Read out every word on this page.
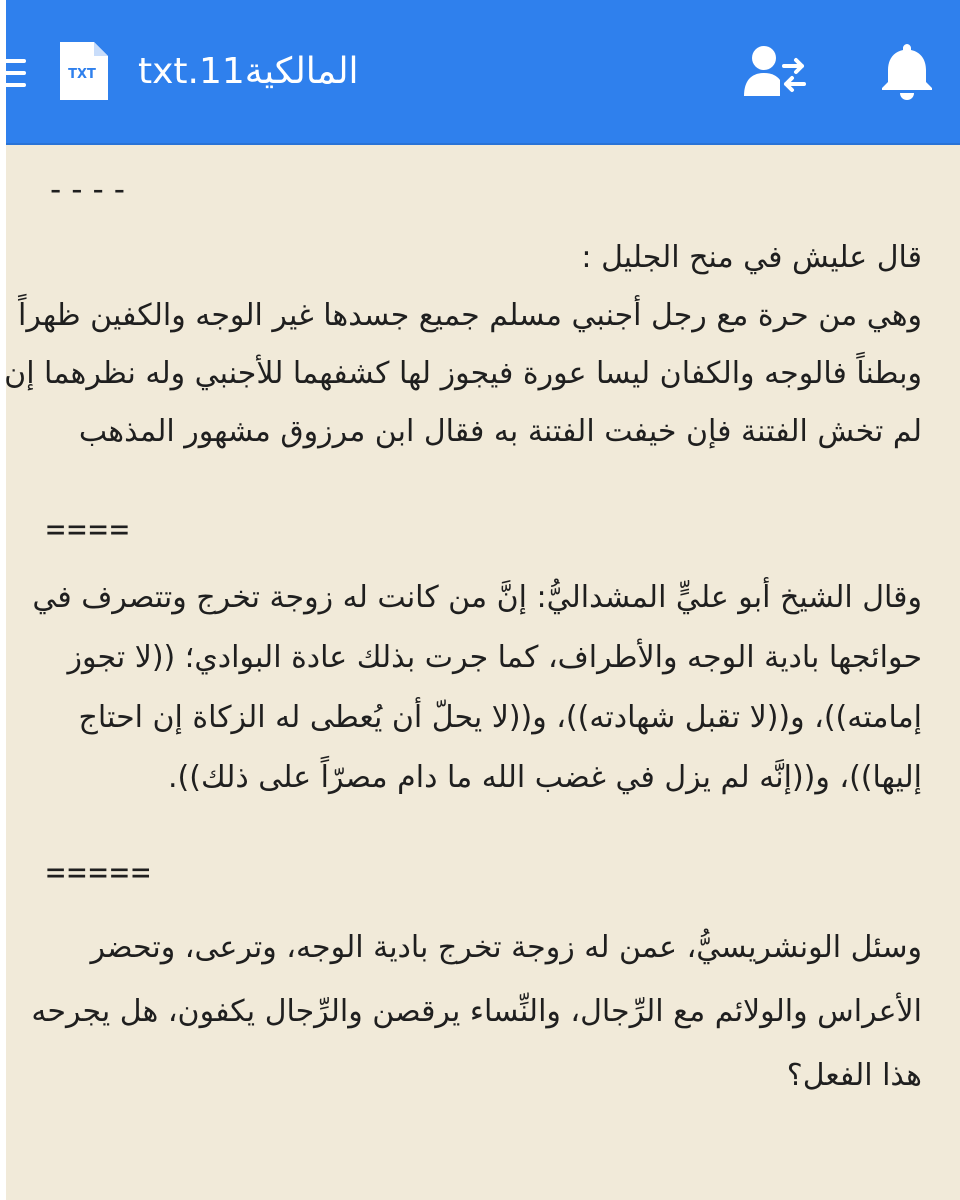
TXT txt.11المالكية
----
قال عليش في منح الجليل :
وهي من حرة مع رجل أجنبي مسلم جميع جسدها غير الوجه والكفين ظهراً
وبطناً فالوجه والكفان ليسا عورة فيجوز لها كشفهما للأجنبي وله نظرهما إن
لم تخش الفتنة فإن خيفت الفتنة به فقال ابن مرزوق مشهور المذهب
====
وقال الشيخ أبو عليٍّ المشداليُّ: إنَّ من كانت له زوجة تخرج وتتصرف في
حوائجها بادية الوجه والأطراف، كما جرت بذلك عادة البوادي؛ ((لا تجوز
إمامته))، و((لا تقبل شهادته))، و((لا يحلّ أن يُعطى له الزكاة إن احتاج
إليها))، و((إنَّه لم يزل في غضب الله ما دام مصرّاً على ذلك)).
=====
وسئل الونشريسيُّ، عمن له زوجة تخرج بادية الوجه، وترعى، وتحضر
الأعراس والولائم مع الرِّجال، والنِّساء يرقصن والرِّجال يكفون، هل يجرحه
هذا الفعل؟
